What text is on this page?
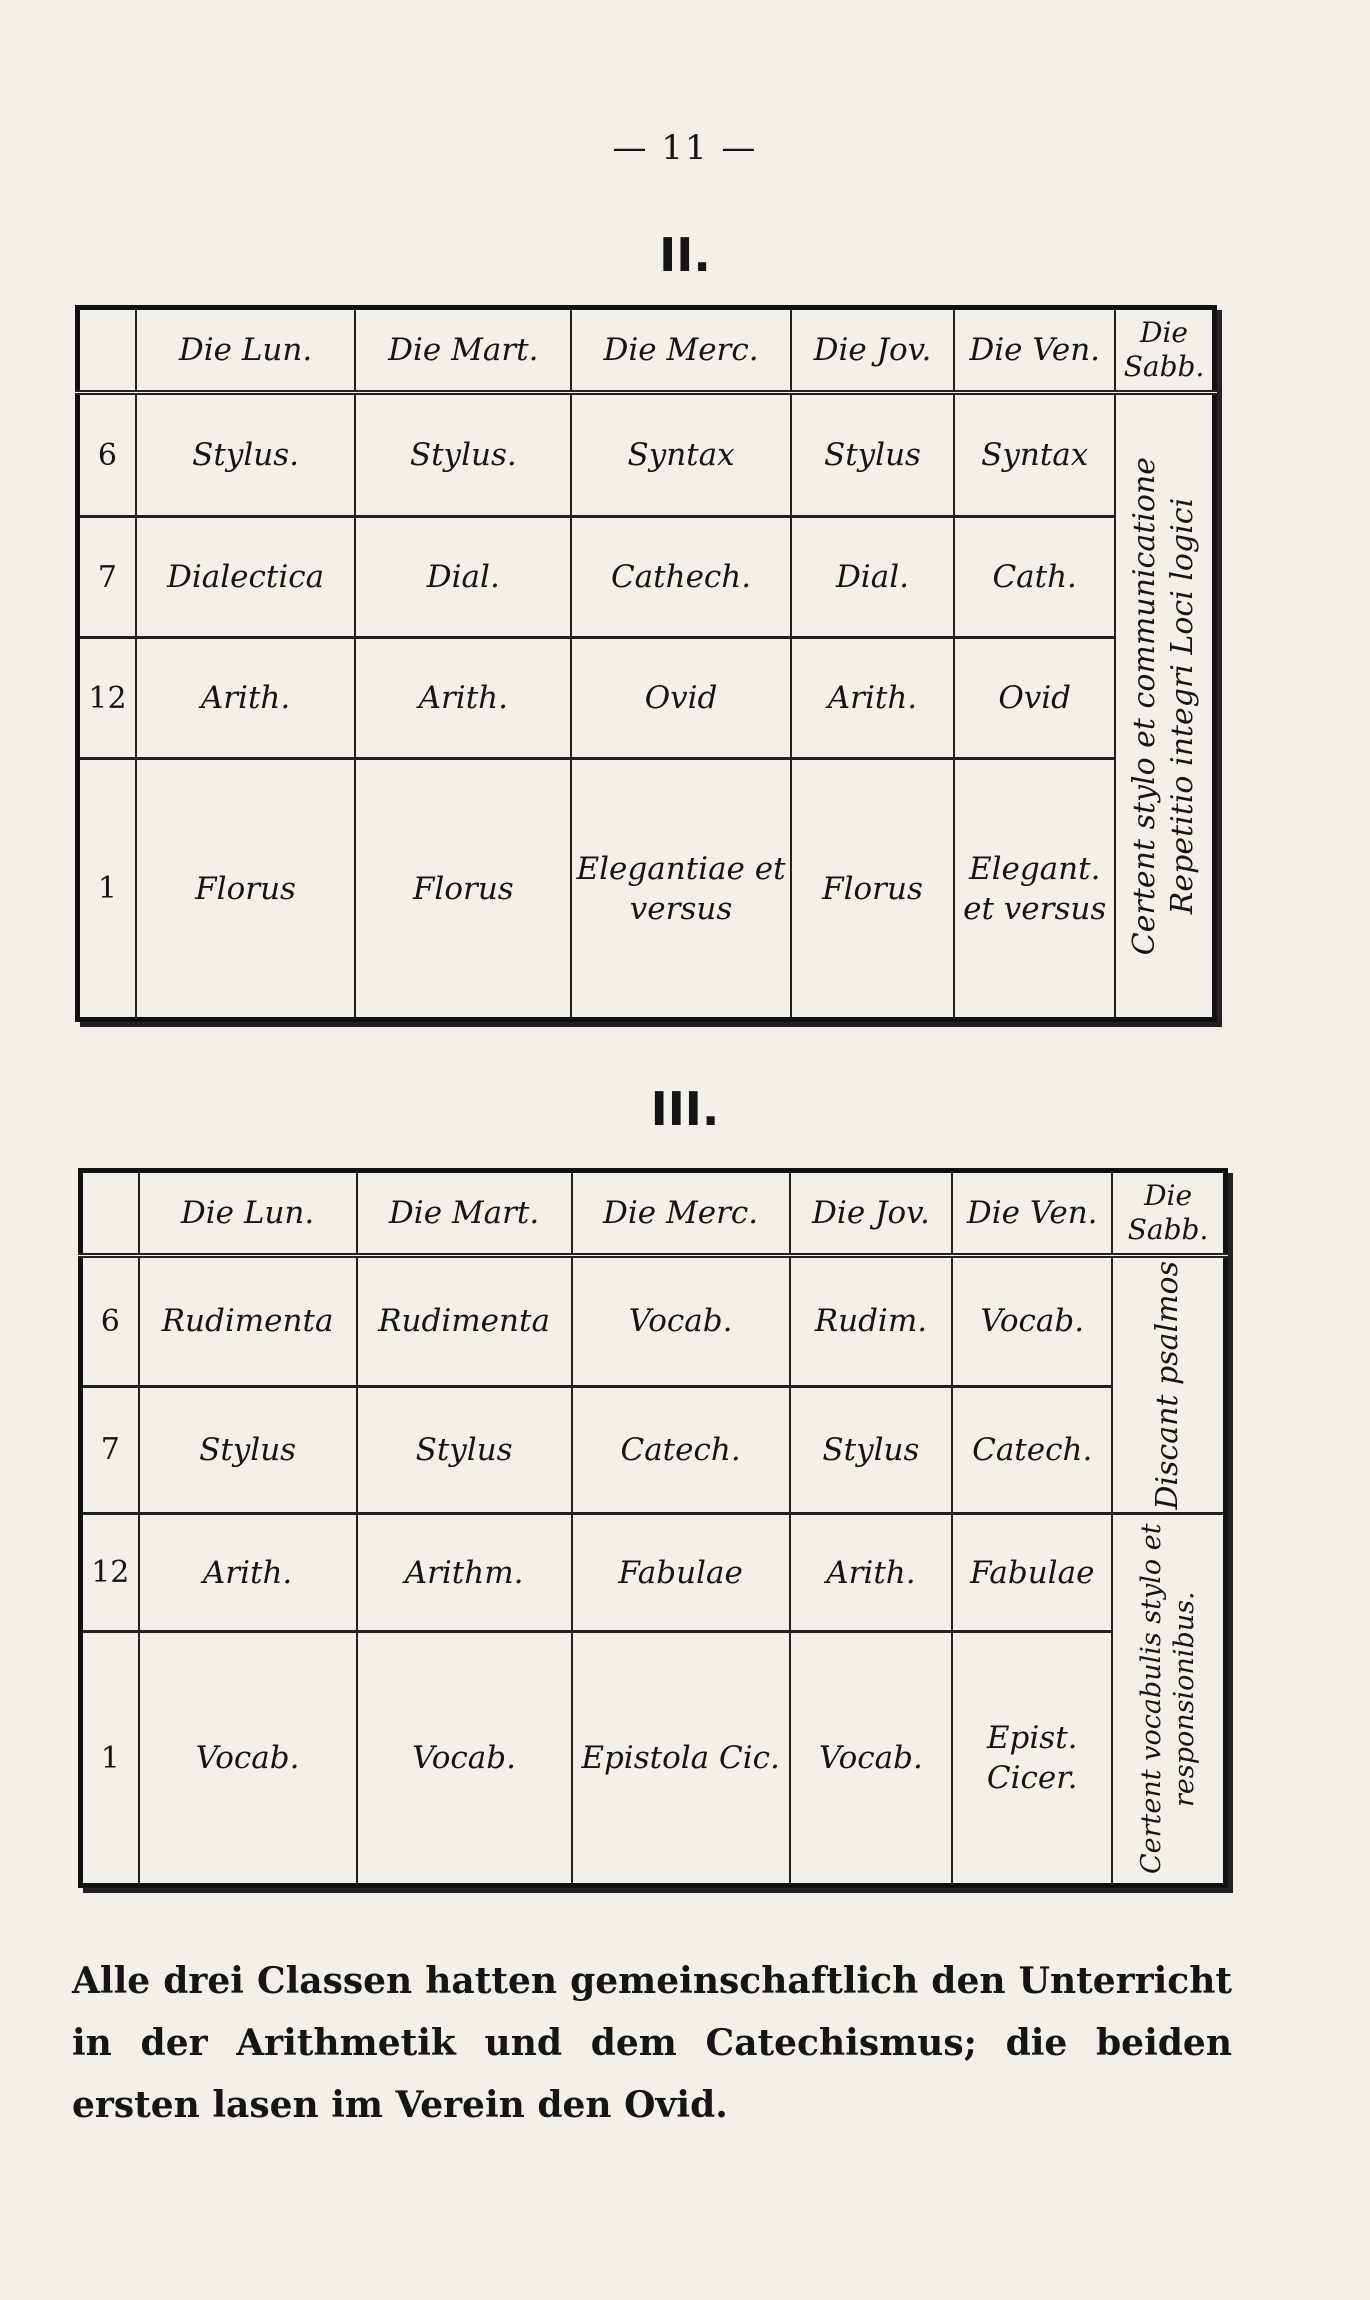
— 11 —
II.
	Die Lun.	Die Mart.	Die Merc.	Die Jov.	Die Ven.	Die Sabb.
6	Stylus.	Stylus.	Syntax	Stylus	Syntax	Certent stylo et communicatione Repetitio integri Loci logici

7	Dialectica	Dial.	Cathech.	Dial.	Cath.	
12	Arith.	Arith.	Ovid	Arith.	Ovid	
1	Florus	Florus	Elegantiae et versus	Florus	Elegant. et versus	
III.
	Die Lun.	Die Mart.	Die Merc.	Die Jov.	Die Ven.	Die Sabb.
6	Rudimenta	Rudimenta	Vocab.	Rudim.	Vocab.	Discant psalmos

7	Stylus	Stylus	Catech.	Stylus	Catech.	
12	Arith.	Arithm.	Fabulae	Arith.	Fabulae	Certent vocabulis stylo et responsionibus.

1	Vocab.	Vocab.	Epistola Cic.	Vocab.	Epist. Cicer.	
Alle drei Classen hatten gemeinschaftlich den Unterricht in der Arithmetik und dem Catechismus; die beiden ersten lasen im Verein den Ovid.
